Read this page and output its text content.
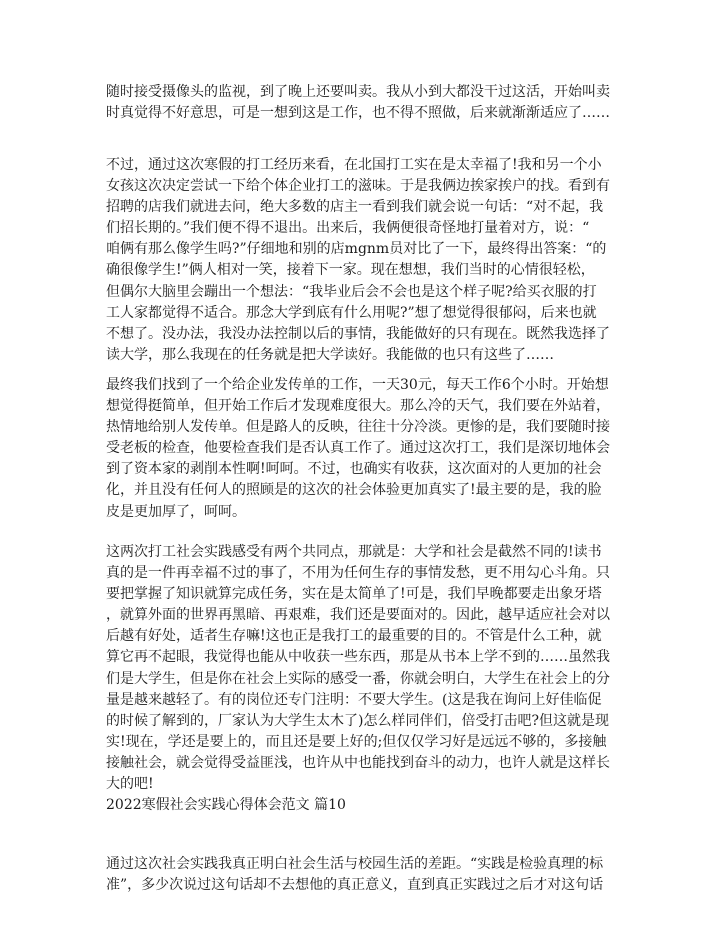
随时接受摄像头的监视，到了晚上还要叫卖。我从小到大都没干过这活，开始叫卖
时真觉得不好意思，可是一想到这是工作，也不得不照做，后来就渐渐适应了……
不过，通过这次寒假的打工经历来看，在北国打工实在是太幸福了!我和另一个小
女孩这次决定尝试一下给个体企业打工的滋味。于是我俩边挨家挨户的找。看到有
招聘的店我们就进去问，绝大多数的店主一看到我们就会说一句话：“对不起，我
们招长期的。”我们便不得不退出。出来后，我俩便很奇怪地打量着对方，说：“
咱俩有那么像学生吗?”仔细地和别的店mgnm员对比了一下，最终得出答案：“的
确很像学生!”俩人相对一笑，接着下一家。现在想想，我们当时的心情很轻松，
但偶尔大脑里会蹦出一个想法：“我毕业后会不会也是这个样子呢?给买衣服的打
工人家都觉得不适合。那念大学到底有什么用呢?”想了想觉得很郁闷，后来也就
不想了。没办法，我没办法控制以后的事情，我能做好的只有现在。既然我选择了
读大学，那么我现在的任务就是把大学读好。我能做的也只有这些了……
最终我们找到了一个给企业发传单的工作，一天30元，每天工作6个小时。开始想
想觉得挺简单，但开始工作后才发现难度很大。那么冷的天气，我们要在外站着，
热情地给别人发传单。但是路人的反映，往往十分冷淡。更惨的是，我们要随时接
受老板的检查，他要检查我们是否认真工作了。通过这次打工，我们是深切地体会
到了资本家的剥削本性啊!呵呵。不过，也确实有收获，这次面对的人更加的社会
化，并且没有任何人的照顾是的这次的社会体验更加真实了!最主要的是，我的脸
皮是更加厚了，呵呵。
这两次打工社会实践感受有两个共同点，那就是：大学和社会是截然不同的!读书
真的是一件再幸福不过的事了，不用为任何生存的事情发愁，更不用勾心斗角。只
要把掌握了知识就算完成任务，实在是太简单了!可是，我们早晚都要走出象牙塔
，就算外面的世界再黑暗、再艰难，我们还是要面对的。因此，越早适应社会对以
后越有好处，适者生存嘛!这也正是我打工的最重要的目的。不管是什么工种，就
算它再不起眼，我觉得也能从中收获一些东西，那是从书本上学不到的……虽然我
们是大学生，但是你在社会上实际的感受一番，你就会明白，大学生在社会上的分
量是越来越轻了。有的岗位还专门注明：不要大学生。(这是我在询问上好佳临促
的时候了解到的，厂家认为大学生太木了)怎么样同伴们，倍受打击吧?但这就是现
实!现在，学还是要上的，而且还是要上好的;但仅仅学习好是远远不够的，多接触
接触社会，就会觉得受益匪浅，也许从中也能找到奋斗的动力，也许人就是这样长
大的吧!
2022寒假社会实践心得体会范文 篇10
通过这次社会实践我真正明白社会生活与校园生活的差距。“实践是检验真理的标
准”，多少次说过这句话却不去想他的真正意义，直到真正实践过之后才对这句话
